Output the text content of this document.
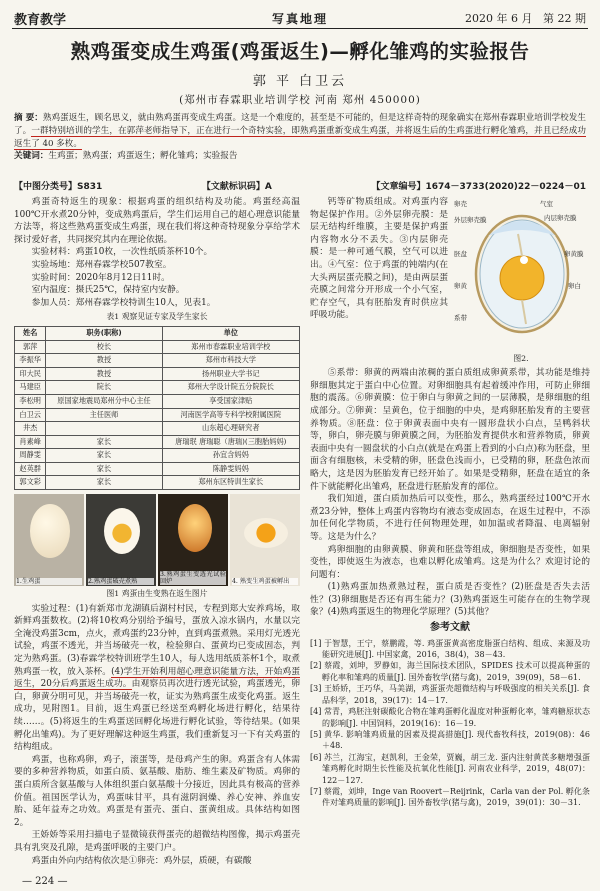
教育教学	写真地理	2020 年 6 月 第 22 期
熟鸡蛋变成生鸡蛋(鸡蛋返生)—孵化雏鸡的实验报告
郭 平 白卫云
(郑州市春霖职业培训学校 河南 郑州 450000)
摘 要：熟鸡蛋返生，顾名思义，就由熟鸡蛋再变成生鸡蛋。这是一个难度的，甚至是不可能的，但是这样奇特的现象确实在郑州春霖职业培训学校发生了。一群特别培训的学生，在郭萍老师指导下，正在进行一个奇特实验，即熟鸡蛋重新变成生鸡蛋，并将返生后的生鸡蛋进行孵化雏鸡，并且已经成功返生了 40 多枚。
关键词：生鸡蛋；熟鸡蛋；鸡蛋返生；孵化雏鸡；实验报告
【中图分类号】S831	【文献标识码】A	【文章编号】1674－3733(2020)22－0224－01

鸡蛋奇特返生的现象：根据鸡蛋的组织结构及功能。鸡蛋经高温100℃开水煮20分钟，变成熟鸡蛋后，学生们运用自己的超心理意识能量方法等，将这些熟鸡蛋变成生鸡蛋，现在我们将这种奇特现象分享给学术探讨爱好者，共同探究其内在理论依据。

实验材料：鸡蛋10枚，一次性纸质茶杯10个。

实验场地：郑州春霖学校507教室。

实验时间：2020年8月12日11时。

室内温度：摄氏25℃，保持室内安静。

参加人员：郑州春霖学校特训生10人，见表1。

表1 观察见证专家及学生家长
姓名	职务(职称)	单位
郭萍	校长	郑州市春霖职业培训学校
李振华	教授	郑州市科技大学
印大民	教授	扬州职业大学书记
马建臣	院长	郑州大学设计院五分院院长
李松明	原国家地震局郑州分中心主任	享受国家津贴
白卫云	主任医师	河南医学高等专科学校附属医院
井杰		山东超心理研究者
肖素峰	家长	唐瑞珉 唐瑞聪（唐瑞)(三胞胎妈妈)
周静雯	家长	孙宜含妈妈
赵英群	家长	陈静雯妈妈
郭文彩	家长	郑州东区特训生家长
1.生鸡蛋	2.熟鸡蛋破壳煮熟
3.熟鸡蛋生变透光试验回炉	4. 熟变生鸡蛋被孵出
图1 鸡蛋由生变熟在返生图片

实验过程：(1)有新郑市龙湖镇后湖村村民，专程到郑大安养鸡场，取新鲜鸡蛋数枚。(2)将10枚鸡分别给予编号，蛋放入凉水锅内，水量以完全淹没鸡蛋3cm，点火，煮鸡蛋约23分钟，直到鸡蛋煮熟。采用灯光透光试验，鸡蛋不透光，并当场破壳一枚，检验卵白、蛋黄均已变成固态，判定为熟鸡蛋。(3)春霖学校特训班学生10人，每人选用纸质茶杯1个，取煮熟鸡蛋一枚，放入茶杯。(4)学生开始利用超心理意识能量方法，开始鸡蛋返生，20分后鸡蛋返生成功。由观察员再次进行透光试验，鸡蛋透光，卵白，卵黄分明可见，并当场破壳一枚，证实为熟鸡蛋生成变化鸡蛋。返生成功，见附图1。目前，返生鸡蛋已经送至鸡孵化场进行孵化，结果待续……。(5)将返生的生鸡蛋送回孵化场进行孵化试验，等待结果。(如果孵化出雏鸡)。为了更好理解这种返生鸡蛋，我们重新复习一下有关鸡蛋的结构组成。

鸡蛋，也称鸡卵，鸡子，滚蛋等，是母鸡产生的卵。鸡蛋含有人体需要的多种营养物质，如蛋白质、氨基酸、脂肪、维生素及矿物质。鸡卵的蛋白质所含氨基酸与人体组织蛋白氨基酸十分接近，因此具有极高的营养价值。祖国医学认为，鸡蛋味甘平，具有滋阴润燥、养心安神、养血安胎、延年益寿之功效。鸡蛋是有蛋壳、蛋白、蛋黄组成。具体结构如图2。

王娇娇等采用扫描电子显微镜获得蛋壳的超微结构图像，揭示鸡蛋壳具有乳突及孔隙，是鸡蛋呼吸的主要门户。

鸡蛋由外向内结构依次是①卵壳：鸡外层，质硬，有碳酸

钙等矿物质组成。对鸡蛋内容物起保护作用。②外层卵壳膜：是层无结构纤维膜，主要是保护鸡蛋内容物水分不丢失。③内层卵壳膜：是一种可通气膜，空气可以进出。④气室：位于鸡蛋的钝端内(在大头两层蛋壳膜之间)，是由两层蛋壳膜之间常分开形成一个小气室，贮存空气，具有胚胎发育时供应其呼吸功能。

卵壳	气室
外层卵壳膜	内层卵壳膜
胚盘	卵黄膜
卵黄	卵白
系带
图2.

⑤系带：卵黄的两端由浓稠的蛋白质组成卵黄系带，其功能是维持卵细胞其定于蛋白中心位置。对卵细胞具有起着缓冲作用，可防止卵细胞的震荡。⑥卵黄膜：位于卵白与卵黄之间的一层薄膜，是卵细胞的组成部分。⑦卵黄：呈黄色，位于细胞的中央，是鸡卵胚胎发育的主要营养物质。⑧胚盘：位于卵黄表面中央有一圆形盘状小白点，呈鸭斜状等，卵白，卵壳膜与卵黄膜之间，为胚胎发育提供水和营养物质，卵黄表面中央有一圆盘状的小白点(就是在鸡蛋上看到的小白点)称为胚盘，里面含有细胞核，未受精的卵，胚盘色浅而小，已受精的卵，胚盘色浓而略大，这是因为胚胎发育已经开始了。如果是受精卵，胚盘在适宜的条件下就能孵化出雏鸡，胚盘进行胚胎发育的部位。

我们知道，蛋白质加热后可以变性，那么，熟鸡蛋经过100℃开水煮23分钟，整体上鸡蛋内容物均有液态变成固态，在返生过程中，不添加任何化学物质，不进行任何物理处理，如加温或者降温、电离辐射等。这是为什么？

鸡卵细胞的由卵黄膜、卵黄和胚盘等组成，卵细胞是否变性，如果变性，即使返生为液态，也难以孵化成雏鸡。这是为什么？欢迎讨论的问题有：

(1)熟鸡蛋加热煮熟过程，蛋白质是否变性？(2)胚盘是否失去活性？(3)卵细胞是否还有再生能力？(3)熟鸡蛋返生可能存在的生物学现象？(4)熟鸡蛋返生的物理化学原理？(5)其他？

参考文献

[1] 于智慧，王宁，蔡鹏霞，等. 鸡蛋蛋黄高密度脂蛋白结构、组成、来源及功能研究进展[J]. 中国家禽，2016，38(4)，38－43.

[2] 蔡霞，刘坤，罗静如，海兰国际技术团队，SPIDES 技术可以提高种蛋的孵化率和雏鸡的质量[J]. 国外畜牧学(猪与禽)，2019，39(09)，58－61.

[3] 王娇娇，王巧华，马美湖，鸡蛋蛋壳超微结构与呼吸强度的相关关系[J]. 食品科学，2018，39(17)：14－17.

[4] 常青，鸡胚注射碳酸化合物在雏鸡蛋孵化温度对种蛋孵化率，雏鸡糖原状态的影响[J]. 中国饲料，2019(16)：16－19.

[5] 黄华. 影响雏鸡质量的因素及提高措施[J]. 现代畜牧科技，2019(08)：46＋48.

[6] 苏兰，江海宝，赵凯利，王金荣，贾巍，胡三龙. 蛋内注射黄芪多糖增强蛋雏鸡孵化时期生长性能及抗氧化性能[J]. 河南农业科学，2019，48(07)：122－127.

[7] 蔡霞，刘坤，Inge van Roovert－Reijrink，Carla van der Pol. 孵化条件对雏鸡质量的影响[J]. 国外畜牧学(猪与禽)，2019，39(01)：30－31.

— 224 —
